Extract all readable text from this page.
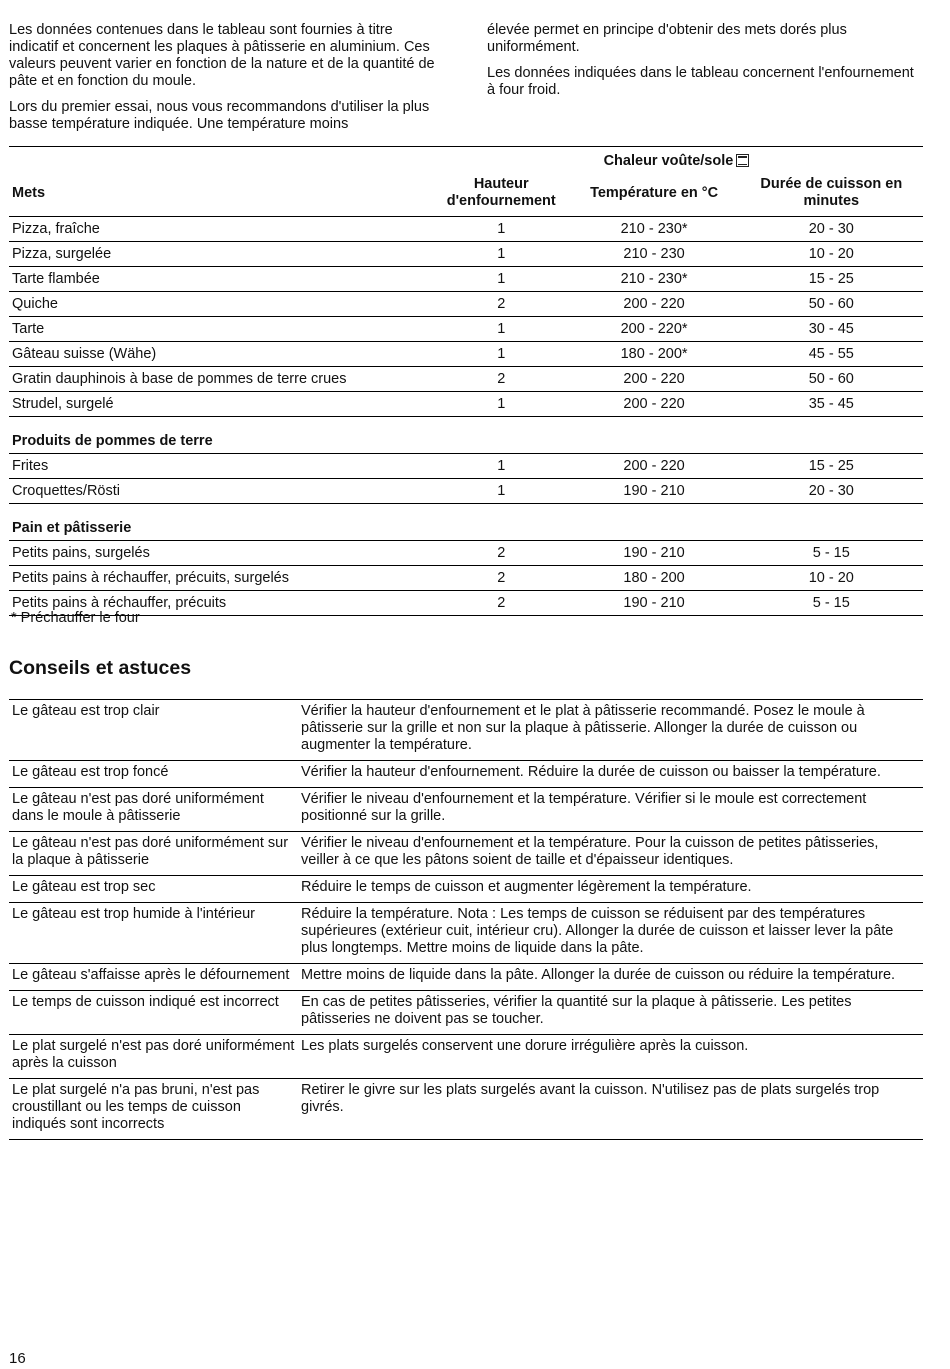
Les données contenues dans le tableau sont fournies à titre indicatif et concernent les plaques à pâtisserie en aluminium. Ces valeurs peuvent varier en fonction de la nature et de la quantité de pâte et en fonction du moule.

Lors du premier essai, nous vous recommandons d'utiliser la plus basse température indiquée. Une température moins

élevée permet en principe d'obtenir des mets dorés plus uniformément.

Les données indiquées dans le tableau concernent l'enfournement à four froid.

		Chaleur voûte/sole	
Mets	Hauteur d'enfournement	Température en °C	Durée de cuisson en minutes
Pizza, fraîche	1	210 - 230*	20 - 30
Pizza, surgelée	1	210 - 230	10 - 20
Tarte flambée	1	210 - 230*	15 - 25
Quiche	2	200 - 220	50 - 60
Tarte	1	200 - 220*	30 - 45
Gâteau suisse (Wähe)	1	180 - 200*	45 - 55
Gratin dauphinois à base de pommes de terre crues	2	200 - 220	50 - 60
Strudel, surgelé	1	200 - 220	35 - 45
Produits de pommes de terre			
Frites	1	200 - 220	15 - 25
Croquettes/Rösti	1	190 - 210	20 - 30
Pain et pâtisserie			
Petits pains, surgelés	2	190 - 210	5 - 15
Petits pains à réchauffer, précuits, surgelés	2	180 - 200	10 - 20
Petits pains à réchauffer, précuits	2	190 - 210	5 - 15
* Préchauffer le four
Conseils et astuces
Le gâteau est trop clair	Vérifier la hauteur d'enfournement et le plat à pâtisserie recommandé. Posez le moule à pâtisserie sur la grille et non sur la plaque à pâtisserie. Allonger la durée de cuisson ou augmenter la température.
Le gâteau est trop foncé	Vérifier la hauteur d'enfournement. Réduire la durée de cuisson ou baisser la température.
Le gâteau n'est pas doré uniformément dans le moule à pâtisserie	Vérifier le niveau d'enfournement et la température. Vérifier si le moule est correctement positionné sur la grille.
Le gâteau n'est pas doré uniformément sur la plaque à pâtisserie	Vérifier le niveau d'enfournement et la température. Pour la cuisson de petites pâtisseries, veiller à ce que les pâtons soient de taille et d'épaisseur identiques.
Le gâteau est trop sec	Réduire le temps de cuisson et augmenter légèrement la température.
Le gâteau est trop humide à l'intérieur	Réduire la température. Nota : Les temps de cuisson se réduisent par des températures supérieures (extérieur cuit, intérieur cru). Allonger la durée de cuisson et laisser lever la pâte plus longtemps. Mettre moins de liquide dans la pâte.
Le gâteau s'affaisse après le défournement	Mettre moins de liquide dans la pâte. Allonger la durée de cuisson ou réduire la température.
Le temps de cuisson indiqué est incorrect	En cas de petites pâtisseries, vérifier la quantité sur la plaque à pâtisserie. Les petites pâtisseries ne doivent pas se toucher.
Le plat surgelé n'est pas doré uniformément après la cuisson	Les plats surgelés conservent une dorure irrégulière après la cuisson.
Le plat surgelé n'a pas bruni, n'est pas croustillant ou les temps de cuisson indiqués sont incorrects	Retirer le givre sur les plats surgelés avant la cuisson. N'utilisez pas de plats surgelés trop givrés.
16
